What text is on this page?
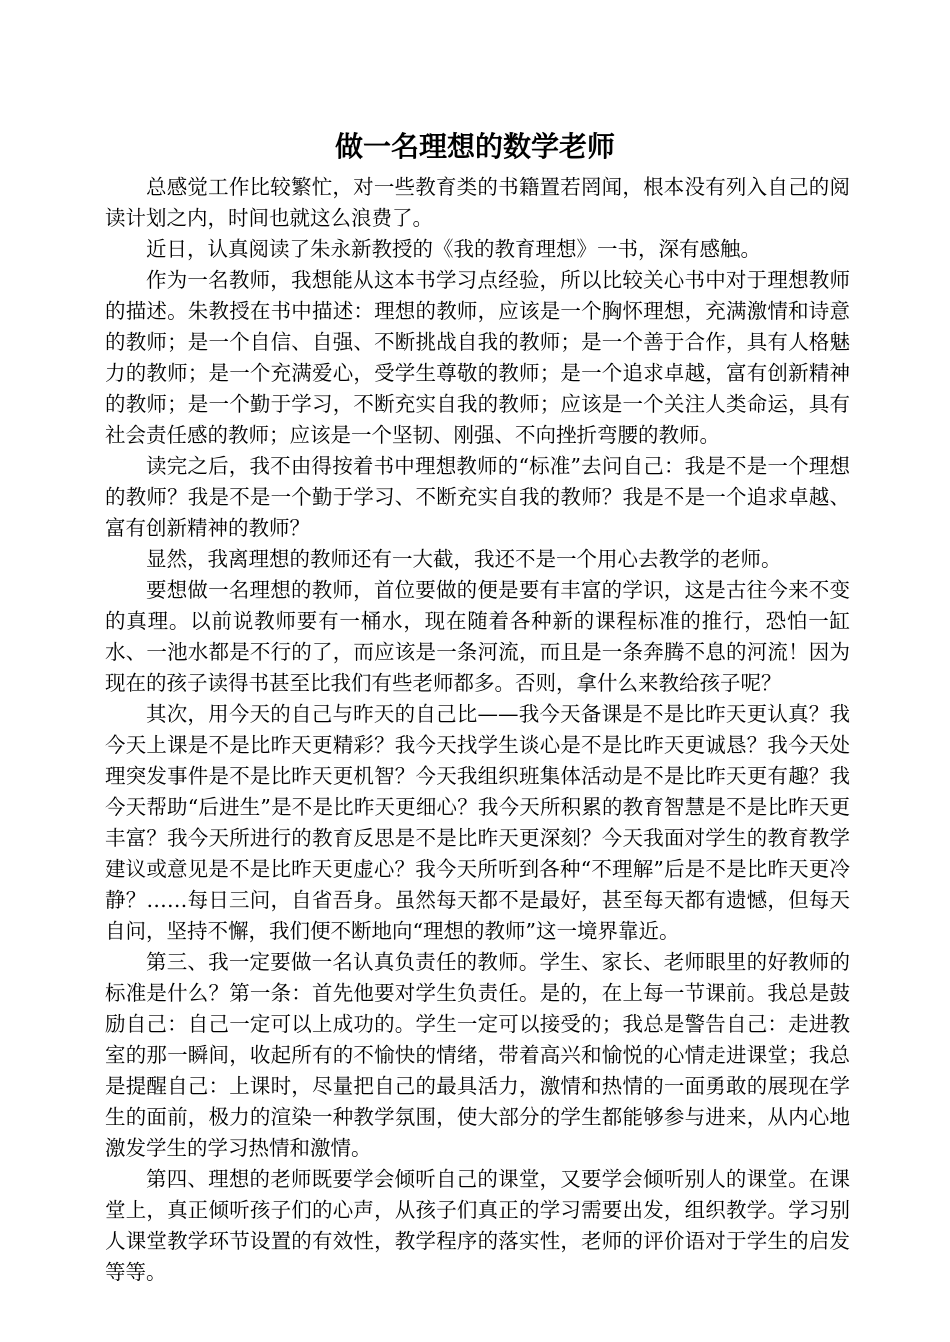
做一名理想的数学老师

总感觉工作比较繁忙，对一些教育类的书籍置若罔闻，根本没有列入自己的阅读计划之内，时间也就这么浪费了。

近日，认真阅读了朱永新教授的《我的教育理想》一书，深有感触。

作为一名教师，我想能从这本书学习点经验，所以比较关心书中对于理想教师的描述。朱教授在书中描述：理想的教师，应该是一个胸怀理想，充满激情和诗意的教师；是一个自信、自强、不断挑战自我的教师；是一个善于合作，具有人格魅力的教师；是一个充满爱心，受学生尊敬的教师；是一个追求卓越，富有创新精神的教师；是一个勤于学习，不断充实自我的教师；应该是一个关注人类命运，具有社会责任感的教师；应该是一个坚韧、刚强、不向挫折弯腰的教师。

读完之后，我不由得按着书中理想教师的“标准”去问自己：我是不是一个理想的教师？我是不是一个勤于学习、不断充实自我的教师？我是不是一个追求卓越、富有创新精神的教师？

显然，我离理想的教师还有一大截，我还不是一个用心去教学的老师。

要想做一名理想的教师，首位要做的便是要有丰富的学识，这是古往今来不变的真理。以前说教师要有一桶水，现在随着各种新的课程标准的推行，恐怕一缸水、一池水都是不行的了，而应该是一条河流，而且是一条奔腾不息的河流！因为现在的孩子读得书甚至比我们有些老师都多。否则，拿什么来教给孩子呢？

其次，用今天的自己与昨天的自己比——我今天备课是不是比昨天更认真？我今天上课是不是比昨天更精彩？我今天找学生谈心是不是比昨天更诚恳？我今天处理突发事件是不是比昨天更机智？今天我组织班集体活动是不是比昨天更有趣？我今天帮助“后进生”是不是比昨天更细心？我今天所积累的教育智慧是不是比昨天更丰富？我今天所进行的教育反思是不是比昨天更深刻？今天我面对学生的教育教学建议或意见是不是比昨天更虚心？我今天所听到各种“不理解”后是不是比昨天更冷静？……每日三问，自省吾身。虽然每天都不是最好，甚至每天都有遗憾，但每天自问，坚持不懈，我们便不断地向“理想的教师”这一境界靠近。

第三、我一定要做一名认真负责任的教师。学生、家长、老师眼里的好教师的标准是什么？第一条：首先他要对学生负责任。是的，在上每一节课前。我总是鼓励自己：自己一定可以上成功的。学生一定可以接受的；我总是警告自己：走进教室的那一瞬间，收起所有的不愉快的情绪，带着高兴和愉悦的心情走进课堂；我总是提醒自己：上课时，尽量把自己的最具活力，激情和热情的一面勇敢的展现在学生的面前，极力的渲染一种教学氛围，使大部分的学生都能够参与进来，从内心地激发学生的学习热情和激情。

第四、理想的老师既要学会倾听自己的课堂，又要学会倾听别人的课堂。在课堂上，真正倾听孩子们的心声，从孩子们真正的学习需要出发，组织教学。学习别人课堂教学环节设置的有效性，教学程序的落实性，老师的评价语对于学生的启发等等。
